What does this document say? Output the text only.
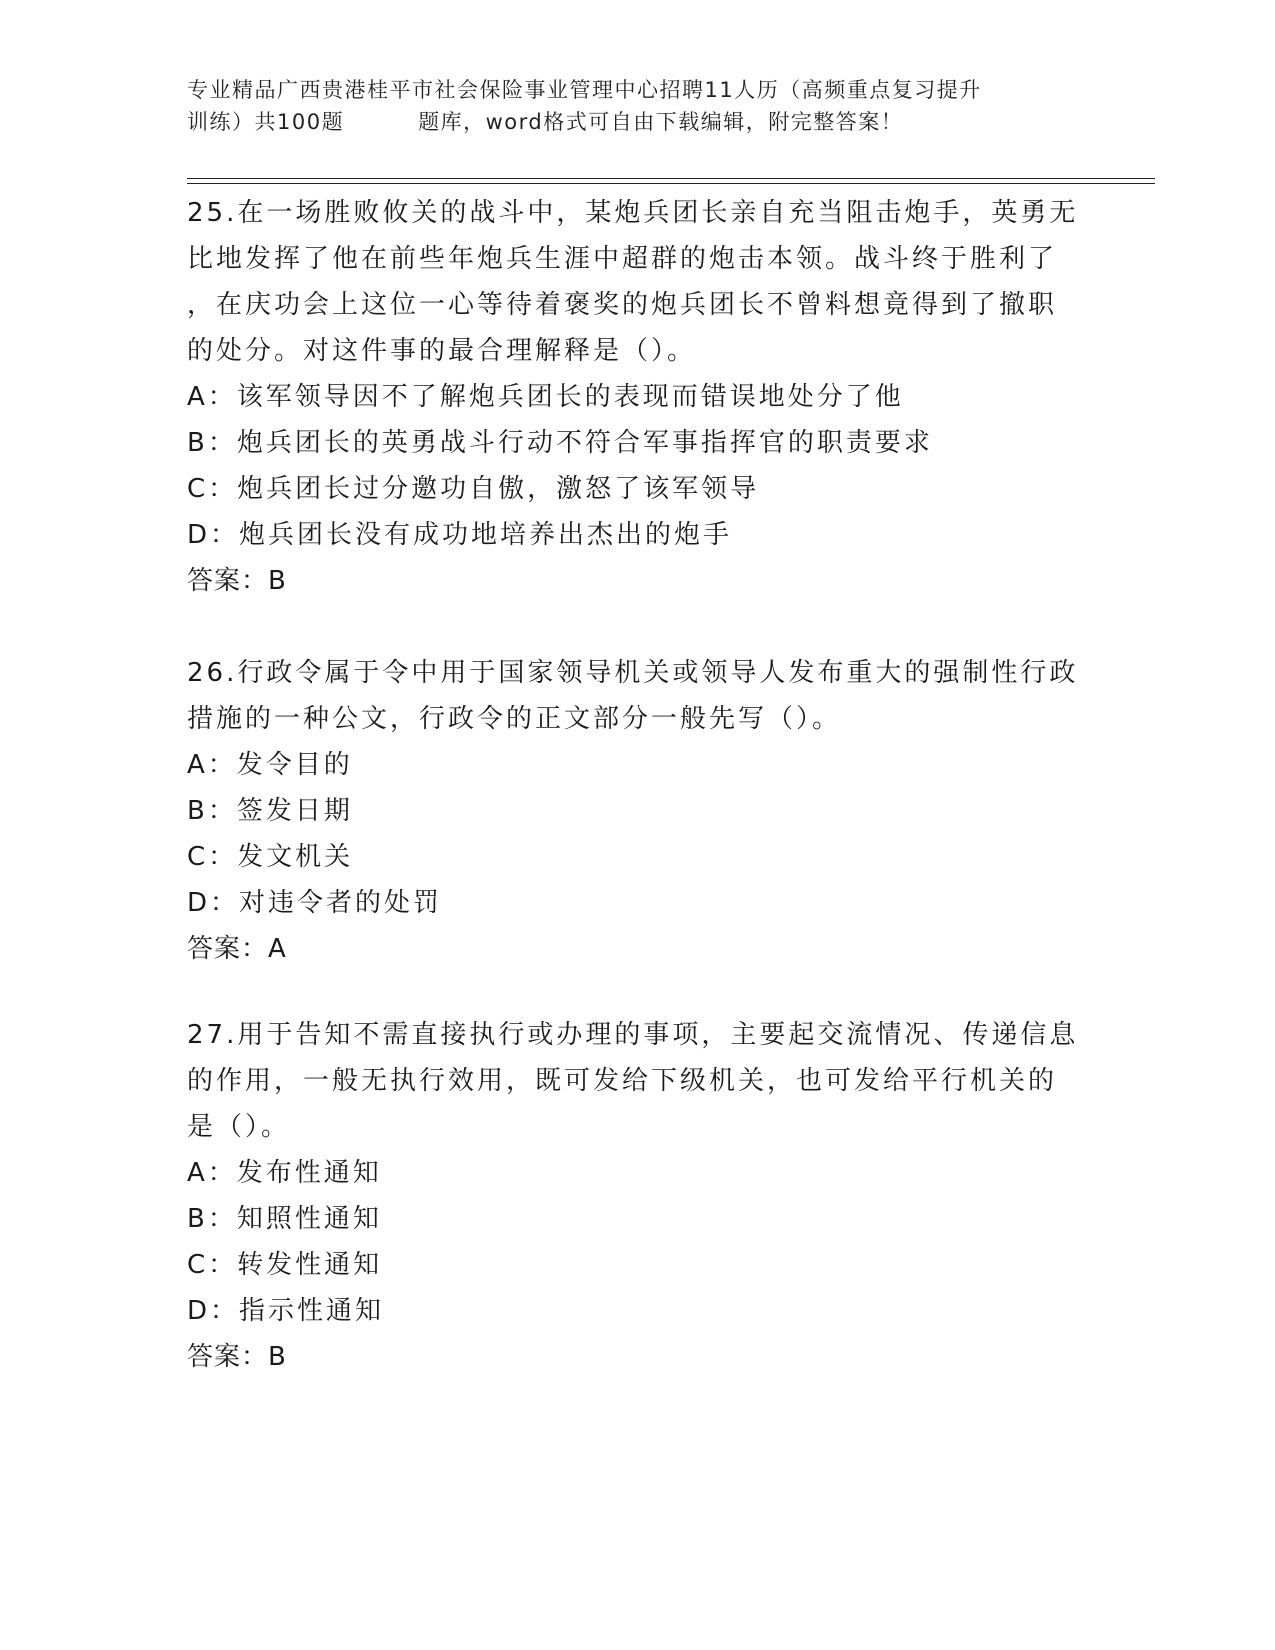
专业精品广西贵港桂平市社会保险事业管理中心招聘11人历（高频重点复习提升
训练）共100题	题库，word格式可自由下载编辑，附完整答案！

25.在一场胜败攸关的战斗中，某炮兵团长亲自充当阻击炮手，英勇无

比地发挥了他在前些年炮兵生涯中超群的炮击本领。战斗终于胜利了

，在庆功会上这位一心等待着褒奖的炮兵团长不曾料想竟得到了撤职

的处分。对这件事的最合理解释是（）。

A：该军领导因不了解炮兵团长的表现而错误地处分了他

B：炮兵团长的英勇战斗行动不符合军事指挥官的职责要求

C：炮兵团长过分邀功自傲，激怒了该军领导

D：炮兵团长没有成功地培养出杰出的炮手

答案：B

26.行政令属于令中用于国家领导机关或领导人发布重大的强制性行政

措施的一种公文，行政令的正文部分一般先写（）。

A：发令目的

B：签发日期

C：发文机关

D：对违令者的处罚

答案：A

27.用于告知不需直接执行或办理的事项，主要起交流情况、传递信息

的作用，一般无执行效用，既可发给下级机关，也可发给平行机关的

是（）。

A：发布性通知

B：知照性通知

C：转发性通知

D：指示性通知

答案：B
